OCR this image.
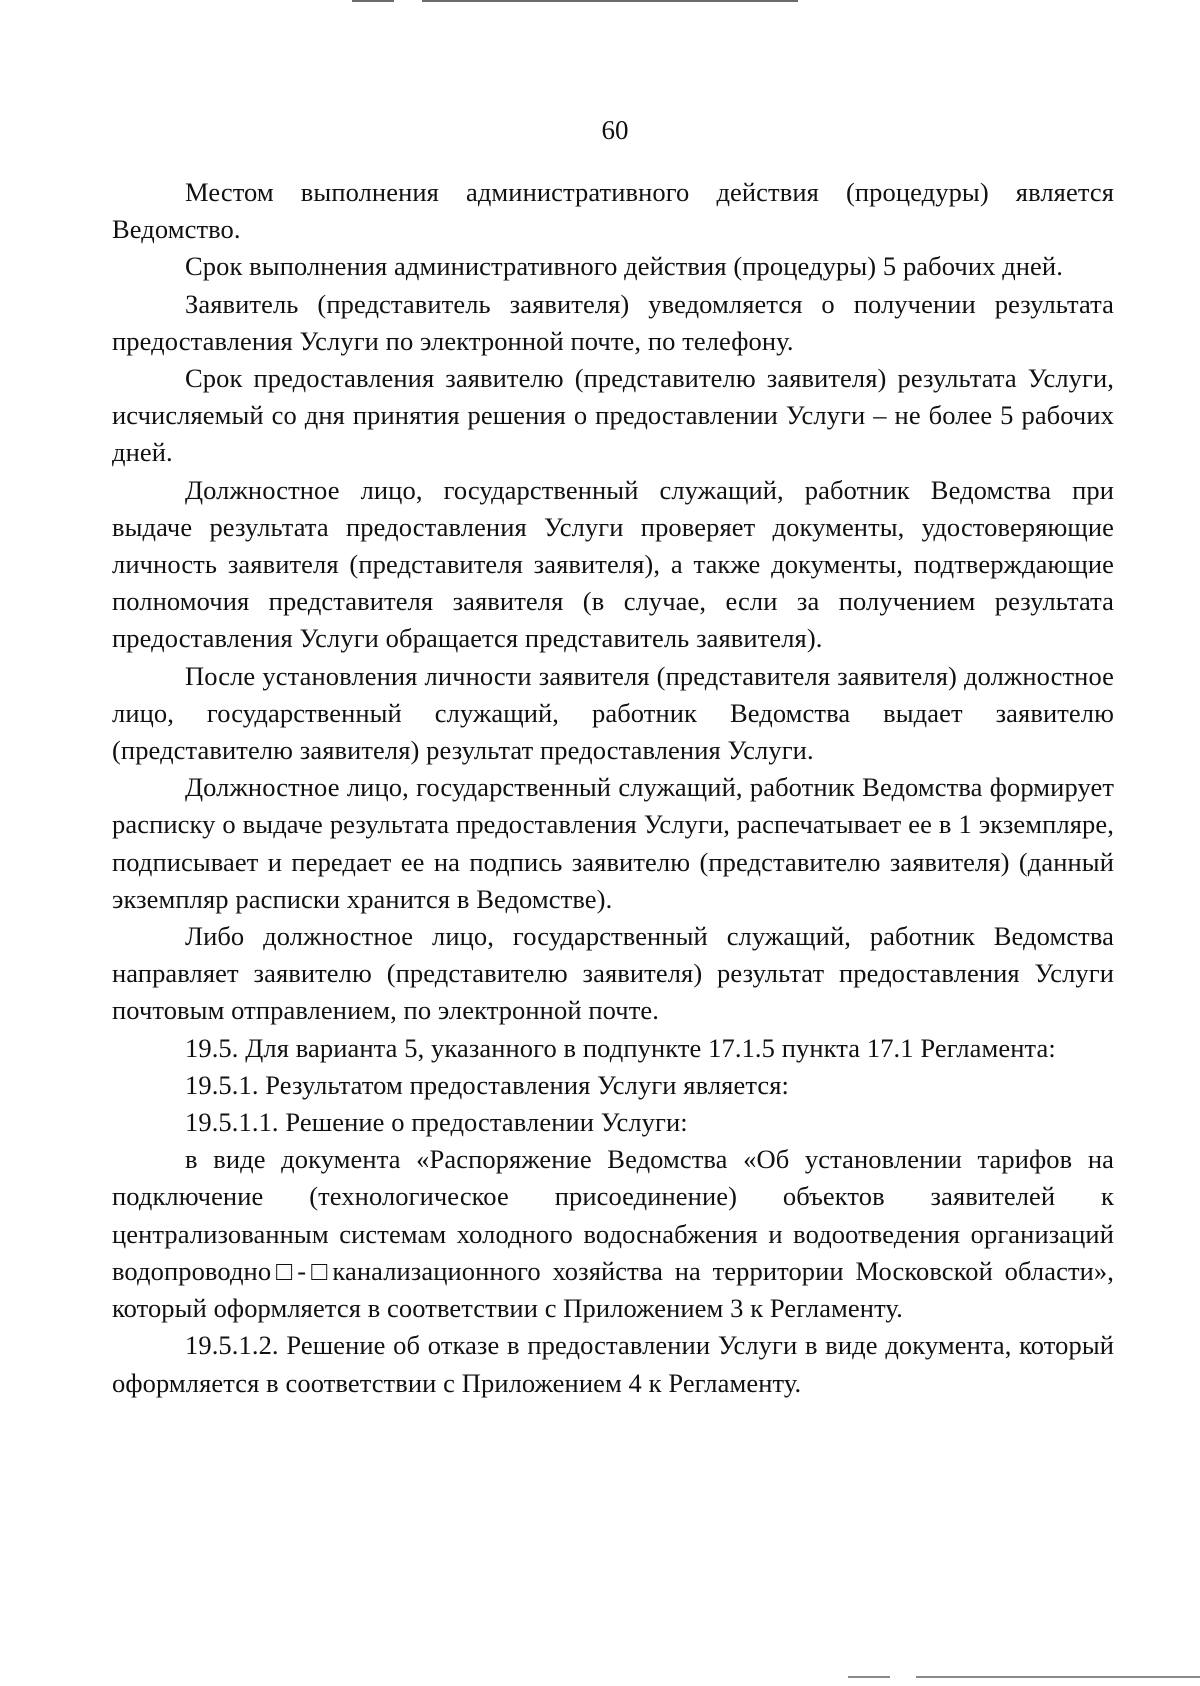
60

Местом выполнения административного действия (процедуры) является Ведомство.

Срок выполнения административного действия (процедуры) 5 рабочих дней.

Заявитель (представитель заявителя) уведомляется о получении результата предоставления Услуги по электронной почте, по телефону.

Срок предоставления заявителю (представителю заявителя) результата Услуги, исчисляемый со дня принятия решения о предоставлении Услуги – не более 5 рабочих дней.

Должностное лицо, государственный служащий, работник Ведомства при выдаче результата предоставления Услуги проверяет документы, удостоверяющие личность заявителя (представителя заявителя), а также документы, подтверждающие полномочия представителя заявителя (в случае, если за получением результата предоставления Услуги обращается представитель заявителя).

После установления личности заявителя (представителя заявителя) должностное лицо, государственный служащий, работник Ведомства выдает заявителю (представителю заявителя) результат предоставления Услуги.

Должностное лицо, государственный служащий, работник Ведомства формирует расписку о выдаче результата предоставления Услуги, распечатывает ее в 1 экземпляре, подписывает и передает ее на подпись заявителю (представителю заявителя) (данный экземпляр расписки хранится в Ведомстве).

Либо должностное лицо, государственный служащий, работник Ведомства направляет заявителю (представителю заявителя) результат предоставления Услуги почтовым отправлением, по электронной почте.

19.5. Для варианта 5, указанного в подпункте 17.1.5 пункта 17.1 Регламента:

19.5.1. Результатом предоставления Услуги является:

19.5.1.1. Решение о предоставлении Услуги:

в виде документа «Распоряжение Ведомства «Об установлении тарифов на подключение (технологическое присоединение) объектов заявителей к централизованным системам холодного водоснабжения и водоотведения организаций водопроводно□-□канализационного хозяйства на территории Московской области», который оформляется в соответствии с Приложением 3 к Регламенту.

19.5.1.2. Решение об отказе в предоставлении Услуги в виде документа, который оформляется в соответствии с Приложением 4 к Регламенту.
